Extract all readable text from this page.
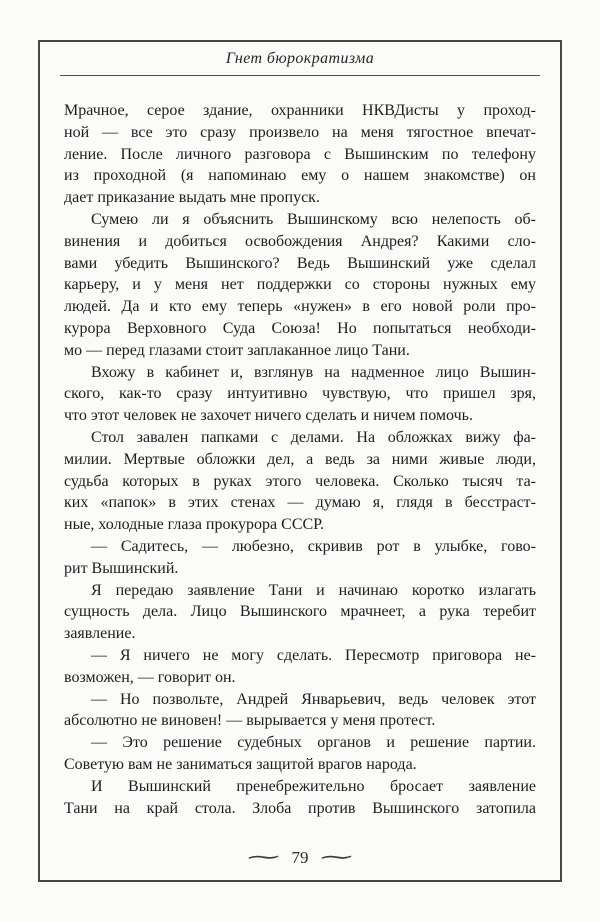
Гнет бюрократизма

Мрачное, серое здание, охранники НКВДисты у проход-
ной — все это сразу произвело на меня тягостное впечат-
ление. После личного разговора с Вышинским по телефону
из проходной (я напоминаю ему о нашем знакомстве) он
дает приказание выдать мне пропуск.

Сумею ли я объяснить Вышинскому всю нелепость об-
винения и добиться освобождения Андрея? Какими сло-
вами убедить Вышинского? Ведь Вышинский уже сделал
карьеру, и у меня нет поддержки со стороны нужных ему
людей. Да и кто ему теперь «нужен» в его новой роли про-
курора Верховного Суда Союза! Но попытаться необходи-
мо — перед глазами стоит заплаканное лицо Тани.

Вхожу в кабинет и, взглянув на надменное лицо Вышин-
ского, как-то сразу интуитивно чувствую, что пришел зря,
что этот человек не захочет ничего сделать и ничем помочь.

Стол завален папками с делами. На обложках вижу фа-
милии. Мертвые обложки дел, а ведь за ними живые люди,
судьба которых в руках этого человека. Сколько тысяч та-
ких «папок» в этих стенах — думаю я, глядя в бесстраст-
ные, холодные глаза прокурора СССР.

— Садитесь, — любезно, скривив рот в улыбке, гово-
рит Вышинский.

Я передаю заявление Тани и начинаю коротко излагать
сущность дела. Лицо Вышинского мрачнеет, а рука теребит
заявление.

— Я ничего не могу сделать. Пересмотр приговора не-
возможен, — говорит он.

— Но позвольте, Андрей Январьевич, ведь человек этот
абсолютно не виновен! — вырывается у меня протест.

— Это решение судебных органов и решение партии.
Советую вам не заниматься защитой врагов народа.

И Вышинский пренебрежительно бросает заявление
Тани на край стола. Злоба против Вышинского затопила

∼ 79 ∼
